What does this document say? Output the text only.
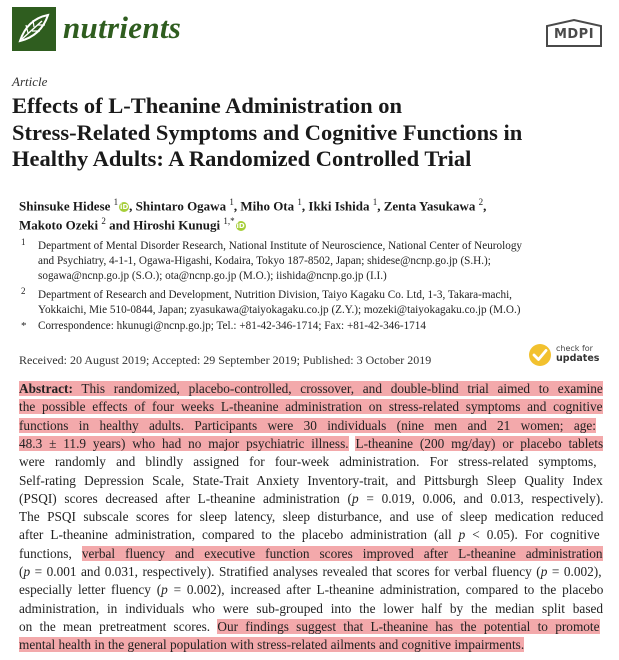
nutrients	MDPI
Article
Effects of L-Theanine Administration on
Stress-Related Symptoms and Cognitive Functions in
Healthy Adults: A Randomized Controlled Trial
Shinsuke Hidese $^1$iD, Shintaro Ogawa $^1$, Miho Ota $^1$, Ikki Ishida $^1$, Zenta Yasukawa $^2$,
Makoto Ozeki $^2$ and Hiroshi Kunugi $^{1,*}$iD
1 Department of Mental Disorder Research, National Institute of Neuroscience, National Center of Neurology
and Psychiatry, 4-1-1, Ogawa-Higashi, Kodaira, Tokyo 187-8502, Japan; shidese@ncnp.go.jp (S.H.);
sogawa@ncnp.go.jp (S.O.); ota@ncnp.go.jp (M.O.); iishida@ncnp.go.jp (I.I.)
2 Department of Research and Development, Nutrition Division, Taiyo Kagaku Co. Ltd, 1-3, Takara-machi,
Yokkaichi, Mie 510-0844, Japan; zyasukawa@taiyokagaku.co.jp (Z.Y.); mozeki@taiyokagaku.co.jp (M.O.)
* Correspondence: hkunugi@ncnp.go.jp; Tel.: +81-42-346-1714; Fax: +81-42-346-1714
Received: 20 August 2019; Accepted: 29 September 2019; Published: 3 October 2019
check for
updates
Abstract: This randomized, placebo-controlled, crossover, and double-blind trial aimed to examine
the possible effects of four weeks L-theanine administration on stress-related symptoms and cognitive
functions in healthy adults. Participants were 30 individuals (nine men and 21 women; age:
48.3 ± 11.9 years) who had no major psychiatric illness. L-theanine (200 mg/day) or placebo tablets
were randomly and blindly assigned for four-week administration. For stress-related symptoms,
Self-rating Depression Scale, State-Trait Anxiety Inventory-trait, and Pittsburgh Sleep Quality Index
(PSQI) scores decreased after L-theanine administration (p = 0.019, 0.006, and 0.013, respectively).
The PSQI subscale scores for sleep latency, sleep disturbance, and use of sleep medication reduced
after L-theanine administration, compared to the placebo administration (all p < 0.05). For cognitive
functions, verbal fluency and executive function scores improved after L-theanine administration
(p = 0.001 and 0.031, respectively). Stratified analyses revealed that scores for verbal fluency (p = 0.002),
especially letter fluency (p = 0.002), increased after L-theanine administration, compared to the placebo
administration, in individuals who were sub-grouped into the lower half by the median split based
on the mean pretreatment scores. Our findings suggest that L-theanine has the potential to promote
mental health in the general population with stress-related ailments and cognitive impairments.
